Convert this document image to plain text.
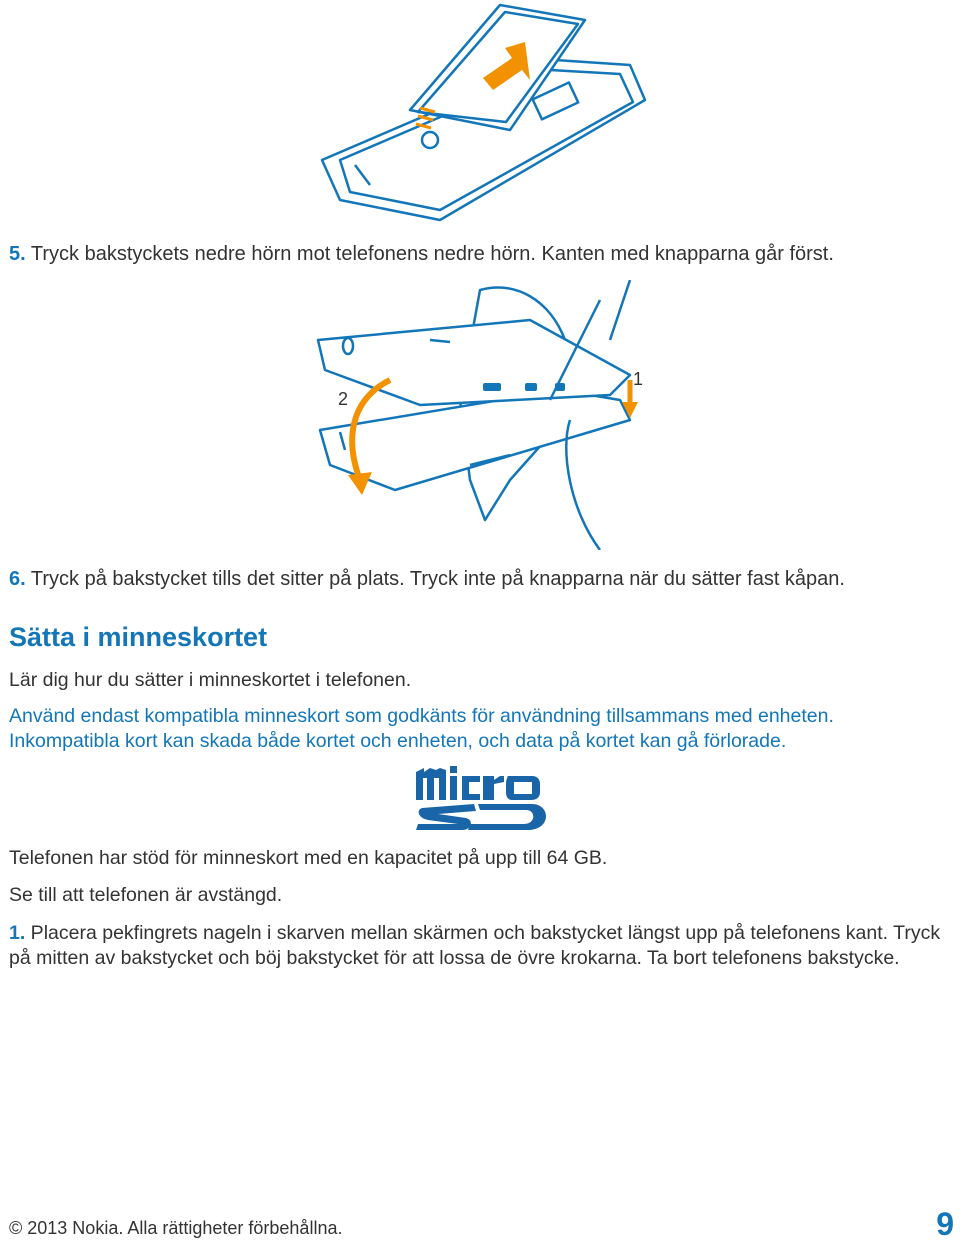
5. Tryck bakstyckets nedre hörn mot telefonens nedre hörn. Kanten med knapparna går först.

2
1

6. Tryck på bakstycket tills det sitter på plats. Tryck inte på knapparna när du sätter fast kåpan.

Sätta i minneskortet

Lär dig hur du sätter i minneskortet i telefonen.

Använd endast kompatibla minneskort som godkänts för användning tillsammans med enheten.
Inkompatibla kort kan skada både kortet och enheten, och data på kortet kan gå förlorade.

Telefonen har stöd för minneskort med en kapacitet på upp till 64 GB.

Se till att telefonen är avstängd.

1. Placera pekfingrets nageln i skarven mellan skärmen och bakstycket längst upp på telefonens kant. Tryck på mitten av bakstycket och böj bakstycket för att lossa de övre krokarna. Ta bort telefonens bakstycke.

© 2013 Nokia. Alla rättigheter förbehållna.	9
